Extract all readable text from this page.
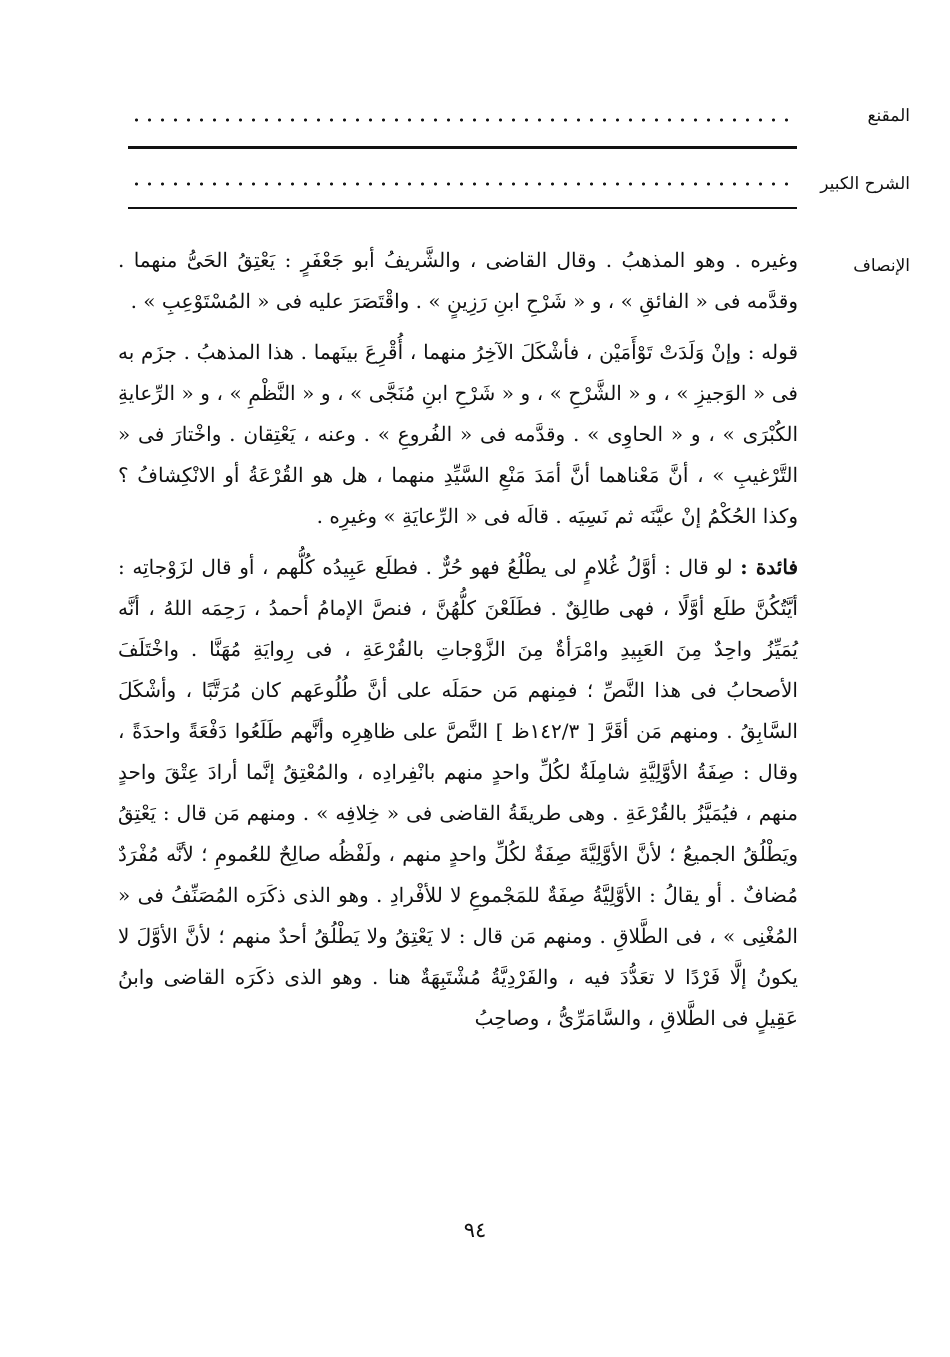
المقنع
الشرح الكبير
الإنصاف

وغيره . وهو المذهبُ . وقال القاضى ، والشَّريفُ أبو جَعْفَرٍ : يَعْتِقُ الحَىُّ منهما . وقدَّمه فى « الفائقِ » ، و « شَرْحِ ابنِ رَزِينٍ » . واقْتَصَرَ عليه فى « المُسْتَوْعِبِ » .

قوله : وإنْ وَلَدَتْ تَوْأَمَيْن ، فأشْكَلَ الآخِرُ منهما ، أُقْرِعَ بينَهما . هذا المذهبُ . جزَم به فى « الوَجيزِ » ، و « الشَّرْحِ » ، و « شَرْحِ ابنِ مُنَجَّى » ، و « النَّظْمِ » ، و « الرِّعايةِ الكُبْرَى » ، و « الحاوِى » . وقدَّمه فى « الفُروعِ » . وعنه ، يَعْتِقان . واخْتارَ فى « التَّرْغيبِ » ، أنَّ مَعْناهما أنَّ أمَدَ مَنْعِ السَّيِّدِ منهما ، هل هو القُرْعَةُ أو الانْكِشافُ ؟ وكذا الحُكْمُ إنْ عيَّنَه ثم نَسِيَه . قالَه فى « الرِّعايَةِ » وغيرِه .

فائدة : لو قال : أوَّلُ غُلامٍ لى يطْلُعُ فهو حُرٌّ . فطلَع عَبِيدُه كُلُّهم ، أو قال لزَوْجاتِه : أيَّتُكُنَّ طلَع أوَّلًا ، فهى طالِقٌ . فطَلَعْنَ كلُّهُنَّ ، فنصَّ الإمامُ أحمدُ ، رَحِمَه اللهُ ، أنَّه يُمَيِّزُ واحِدٌ مِنَ العَبِيدِ وامْرَأةٌ مِنَ الزَّوْجاتِ بالقُرْعَةِ ، فى رِوايَةِ مُهَنَّا . واخْتَلَفَ الأصحابُ فى هذا النَّصِّ ؛ فمِنهم مَن حمَلَه على أنَّ طُلُوعَهم كان مُرَتَّبًا ، وأشْكَلَ السَّابِقُ . ومنهم مَن أقَرَّ [ ١٤٢/٣ظ ] النَّصَّ على ظاهِرِه وأنَّهم طَلَعُوا دَفْعَةً واحدَةً ، وقال : صِفَةُ الأوَّلِيَّةِ شامِلَةٌ لكُلِّ واحدٍ منهم بانْفِرادِه ، والمُعْتِقُ إنَّما أرادَ عِتْقَ واحدٍ منهم ، فيُمَيَّزُ بالقُرْعَةِ . وهى طريقَةُ القاضى فى « خِلافِه » . ومنهم مَن قال : يَعْتِقُ ويَطْلُقُ الجميعُ ؛ لأنَّ الأوَّلِيَّةَ صِفَةٌ لكُلِّ واحدٍ منهم ، ولَفْظُه صالِحٌ للعُمومِ ؛ لأنَّه مُفْرَدٌ مُضافٌ . أو يقالُ : الأوَّلِيَّةُ صِفَةٌ للمَجْموعِ لا للأفْرادِ . وهو الذى ذكَرَه المُصَنِّفُ فى « المُغْنِى » ، فى الطَّلاقِ . ومنهم مَن قال : لا يَعْتِقُ ولا يَطْلُقُ أحدٌ منهم ؛ لأنَّ الأوَّلَ لا يكونُ إلَّا فَرْدًا لا تعَدُّدَ فيه ، والفَرْدِيَّةُ مُشْتَبِهَةٌ هنا . وهو الذى ذكَرَه القاضى وابنُ عَقِيلٍ فى الطَّلاقِ ، والسَّامَرِّىُّ ، وصاحِبُ

٩٤
